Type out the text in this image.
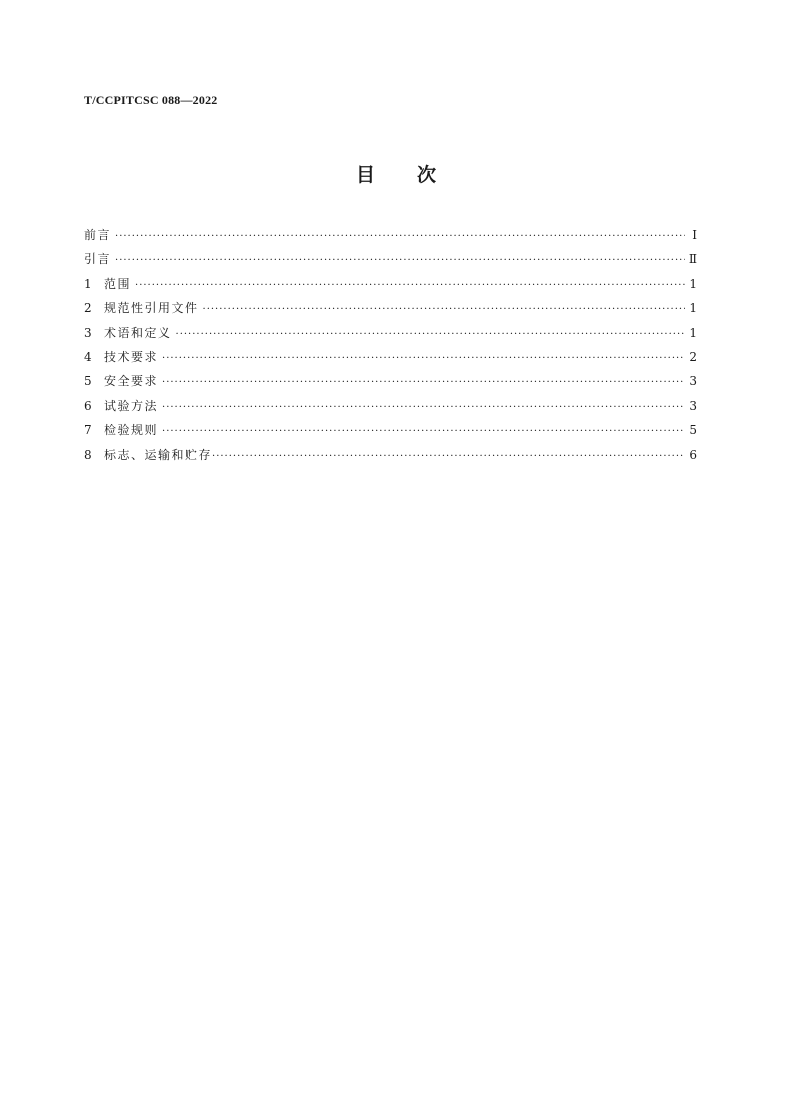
T/CCPITCSC 088—2022
目次
前言 ·····	Ⅰ
引言 ·····	Ⅱ
1	范围 ·····	1
2	规范性引用文件 ·····	1
3	术语和定义 ·····	1
4	技术要求 ·····	2
5	安全要求 ·····	3
6	试验方法 ·····	3
7	检验规则 ·····	5
8	标志、运输和贮存 ·····	6
